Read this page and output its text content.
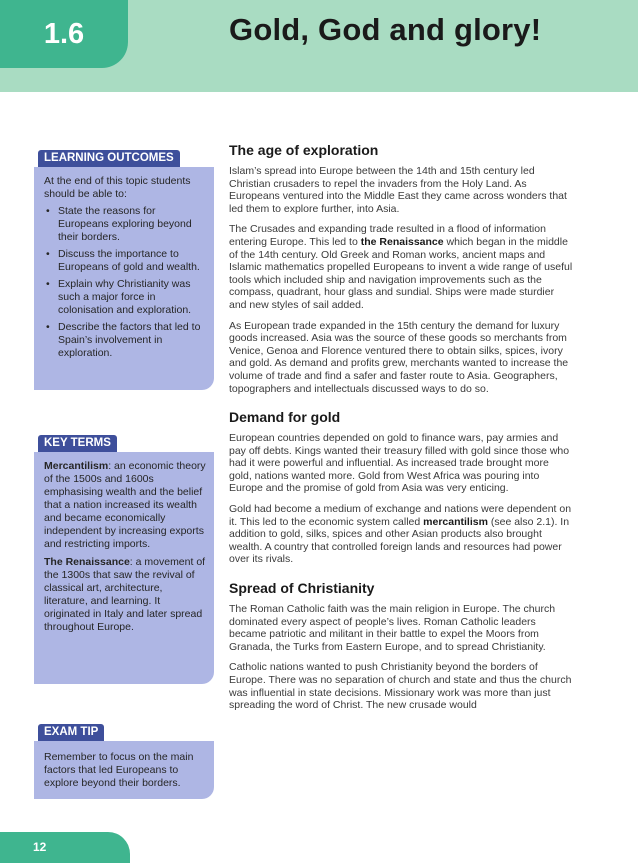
1.6	Gold, God and glory!
LEARNING OUTCOMES
At the end of this topic students should be able to:
• State the reasons for Europeans exploring beyond their borders.
• Discuss the importance to Europeans of gold and wealth.
• Explain why Christianity was such a major force in colonisation and exploration.
• Describe the factors that led to Spain’s involvement in exploration.
KEY TERMS
Mercantilism: an economic theory of the 1500s and 1600s emphasising wealth and the belief that a nation increased its wealth and became economically independent by increasing exports and restricting imports.
The Renaissance: a movement of the 1300s that saw the revival of classical art, architecture, literature, and learning. It originated in Italy and later spread throughout Europe.
EXAM TIP
Remember to focus on the main factors that led Europeans to explore beyond their borders.
The age of exploration

Islam’s spread into Europe between the 14th and 15th century led Christian crusaders to repel the invaders from the Holy Land. As Europeans ventured into the Middle East they came across wonders that led them to explore further, into Asia.

The Crusades and expanding trade resulted in a flood of information entering Europe. This led to the Renaissance which began in the middle of the 14th century. Old Greek and Roman works, ancient maps and Islamic mathematics propelled Europeans to invent a wide range of useful tools which included ship and navigation improvements such as the compass, quadrant, hour glass and sundial. Ships were made sturdier and new styles of sail added.

As European trade expanded in the 15th century the demand for luxury goods increased. Asia was the source of these goods so merchants from Venice, Genoa and Florence ventured there to obtain silks, spices, ivory and gold. As demand and profits grew, merchants wanted to increase the volume of trade and find a safer and faster route to Asia. Geographers, topographers and intellectuals discussed ways to do so.

Demand for gold

European countries depended on gold to finance wars, pay armies and pay off debts. Kings wanted their treasury filled with gold since those who had it were powerful and influential. As increased trade brought more gold, nations wanted more. Gold from West Africa was pouring into Europe and the promise of gold from Asia was very enticing.

Gold had become a medium of exchange and nations were dependent on it. This led to the economic system called mercantilism (see also 2.1). In addition to gold, silks, spices and other Asian products also brought wealth. A country that controlled foreign lands and resources had power over its rivals.

Spread of Christianity

The Roman Catholic faith was the main religion in Europe. The church dominated every aspect of people’s lives. Roman Catholic leaders became patriotic and militant in their battle to expel the Moors from Granada, the Turks from Eastern Europe, and to spread Christianity.

Catholic nations wanted to push Christianity beyond the borders of Europe. There was no separation of church and state and thus the church was influential in state decisions. Missionary work was more than just spreading the word of Christ. The new crusade would

12
